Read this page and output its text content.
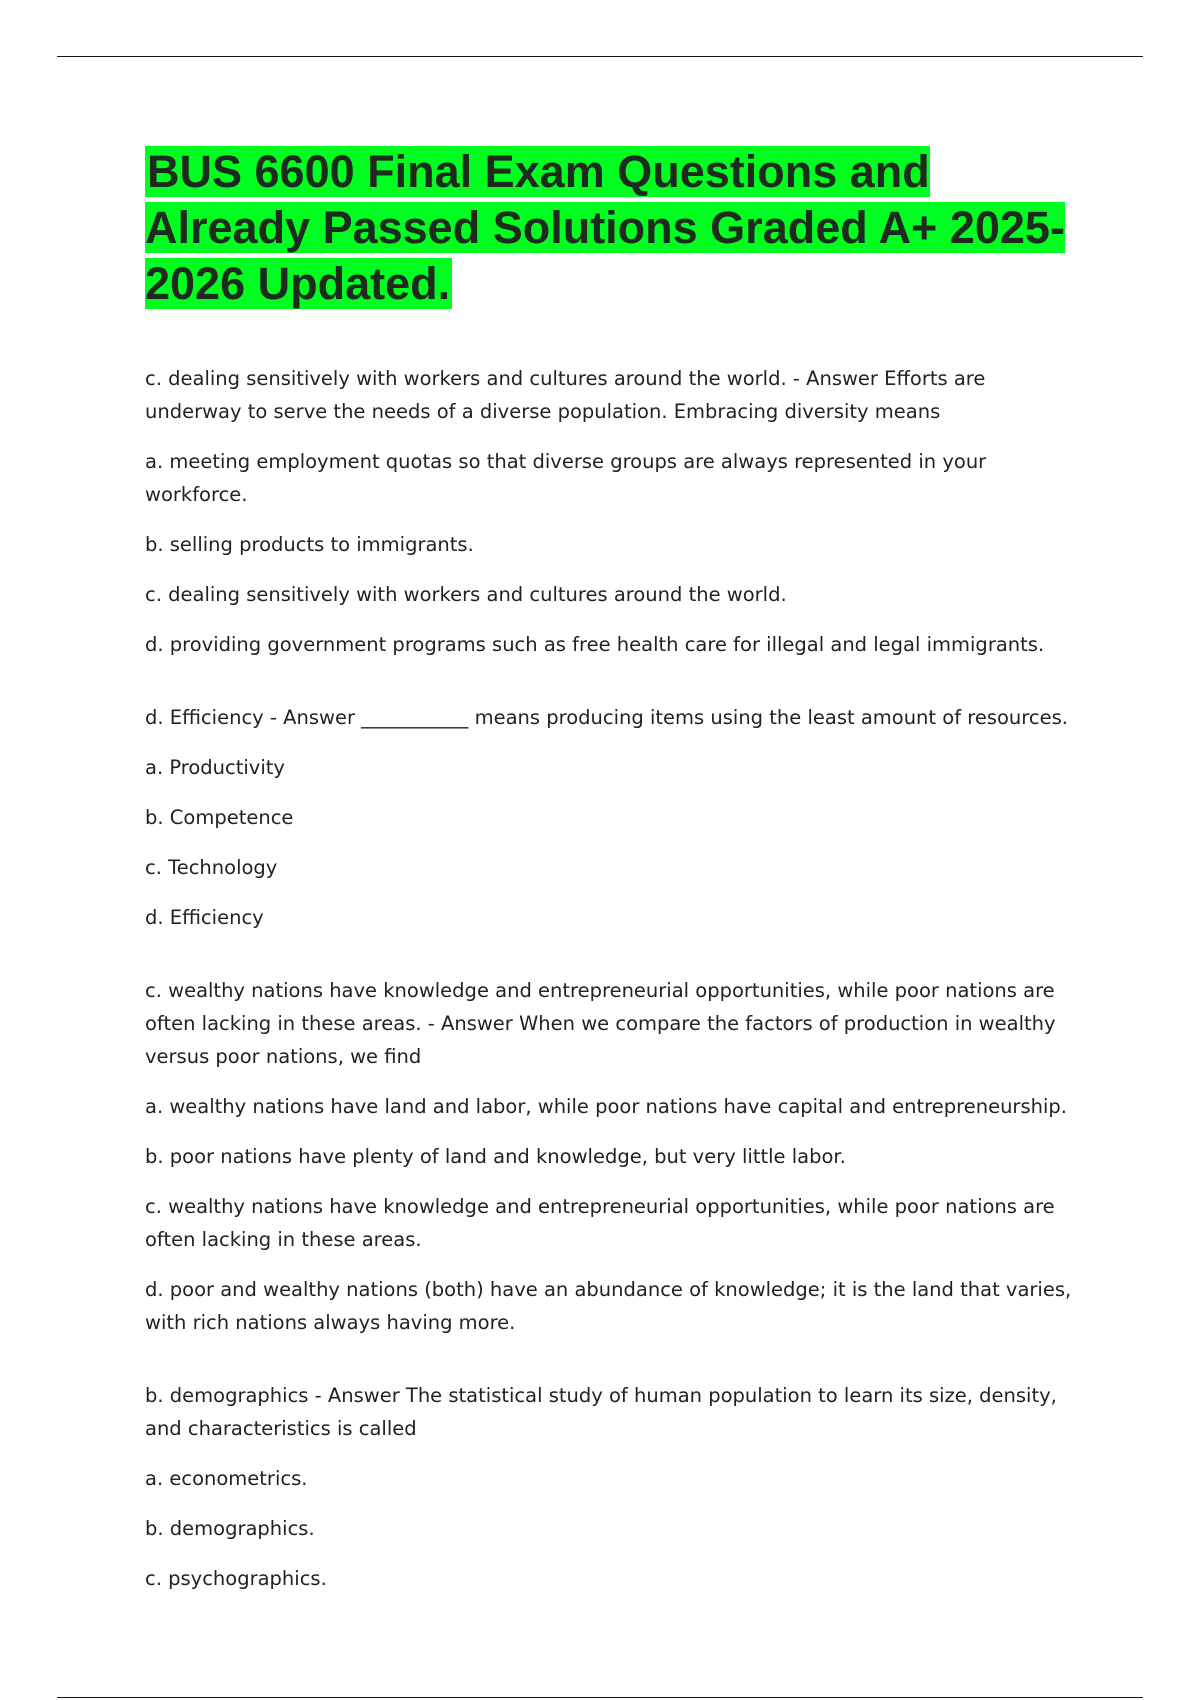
BUS 6600 Final Exam Questions and Already Passed Solutions Graded A+ 2025-2026 Updated.

c. dealing sensitively with workers and cultures around the world. - Answer Efforts are underway to serve the needs of a diverse population. Embracing diversity means

a. meeting employment quotas so that diverse groups are always represented in your workforce.

b. selling products to immigrants.

c. dealing sensitively with workers and cultures around the world.

d. providing government programs such as free health care for illegal and legal immigrants.

d. Efficiency - Answer ___________ means producing items using the least amount of resources.

a. Productivity

b. Competence

c. Technology

d. Efficiency

c. wealthy nations have knowledge and entrepreneurial opportunities, while poor nations are often lacking in these areas. - Answer When we compare the factors of production in wealthy versus poor nations, we find

a. wealthy nations have land and labor, while poor nations have capital and entrepreneurship.

b. poor nations have plenty of land and knowledge, but very little labor.

c. wealthy nations have knowledge and entrepreneurial opportunities, while poor nations are often lacking in these areas.

d. poor and wealthy nations (both) have an abundance of knowledge; it is the land that varies, with rich nations always having more.

b. demographics - Answer The statistical study of human population to learn its size, density, and characteristics is called

a. econometrics.

b. demographics.

c. psychographics.
